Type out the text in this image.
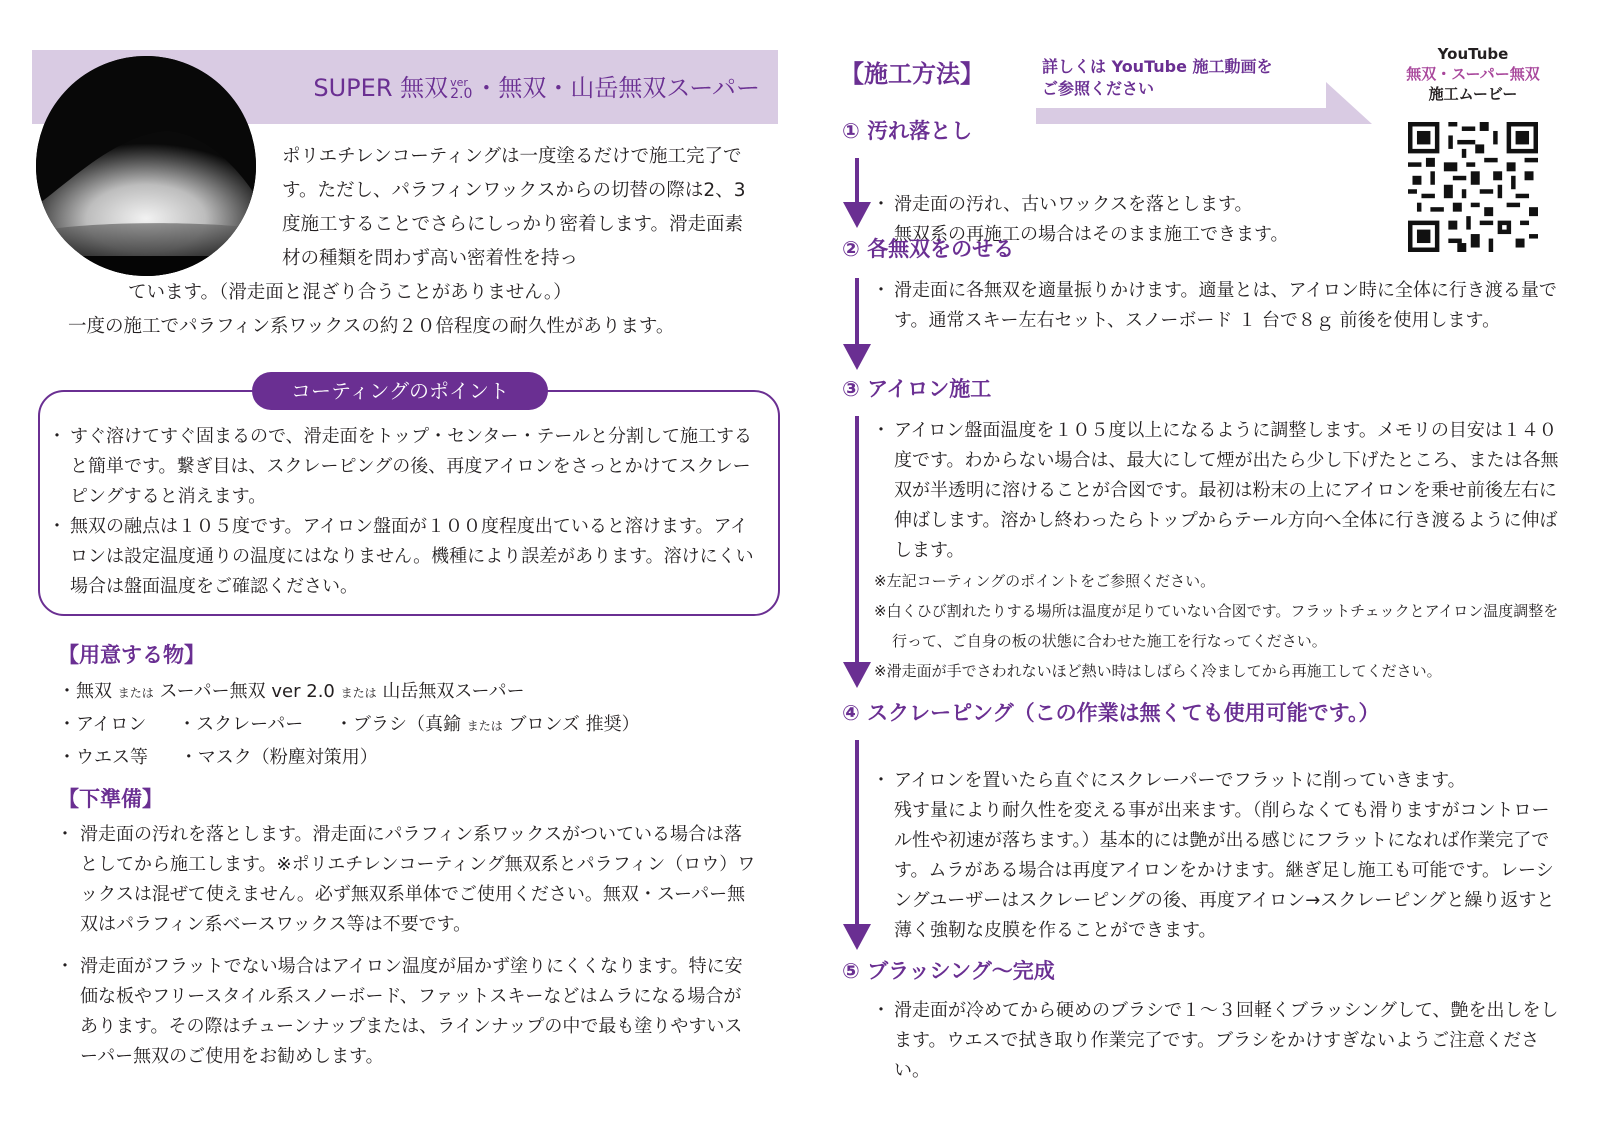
SUPER 無双 ver
2.0 ・無双・山岳無双スーパー
ポリエチレンコーティングは一度塗るだけで施工完了です。ただし、パラフィンワックスからの切替の際は2、3度施工することでさらにしっかり密着します。滑走面素材の種類を問わず高い密着性を持っ
ています。（滑走面と混ざり合うことがありません。）
一度の施工でパラフィン系ワックスの約２０倍程度の耐久性があります。
コーティングのポイント
・ すぐ溶けてすぐ固まるので、滑走面をトップ・センター・テールと分割して施工すると簡単です。繋ぎ目は、スクレーピングの後、再度アイロンをさっとかけてスクレーピングすると消えます。
・ 無双の融点は１０５度です。アイロン盤面が１００度程度出ていると溶けます。アイロンは設定温度通りの温度にはなりません。機種により誤差があります。溶けにくい場合は盤面温度をご確認ください。
【用意する物】
・無双 または スーパー無双 ver 2.0 または 山岳無双スーパー
・アイロン ・スクレーパー ・ブラシ（真鍮 または ブロンズ 推奨）
・ウエス等 ・マスク（粉塵対策用）
【下準備】
・ 滑走面の汚れを落とします。滑走面にパラフィン系ワックスがついている場合は落としてから施工します。※ポリエチレンコーティング無双系とパラフィン（ロウ）ワックスは混ぜて使えません。必ず無双系単体でご使用ください。無双・スーパー無双はパラフィン系ベースワックス等は不要です。
・ 滑走面がフラットでない場合はアイロン温度が届かず塗りにくくなります。特に安価な板やフリースタイル系スノーボード、ファットスキーなどはムラになる場合があります。その際はチューンナップまたは、ラインナップの中で最も塗りやすいスーパー無双のご使用をお勧めします。
【施工方法】	詳しくは YouTube 施工動画を
ご参照ください
YouTube
無双・スーパー無双
施工ムービー
① 汚れ落とし

・ 滑走面の汚れ、古いワックスを落とします。
無双系の再施工の場合はそのまま施工できます。

② 各無双をのせる
・ 滑走面に各無双を適量振りかけます。適量とは、アイロン時に全体に行き渡る量です。通常スキー左右セット、スノーボード １ 台で８ｇ 前後を使用します。
③ アイロン施工
・ アイロン盤面温度を１０５度以上になるように調整します。メモリの目安は１４０度です。わからない場合は、最大にして煙が出たら少し下げたところ、または各無双が半透明に溶けることが合図です。最初は粉末の上にアイロンを乗せ前後左右に伸ばします。溶かし終わったらトップからテール方向へ全体に行き渡るように伸ばします。

※左記コーティングのポイントをご参照ください。

※白くひび割れたりする場所は温度が足りていない合図です。フラットチェックとアイロン温度調整を行って、ご自身の板の状態に合わせた施工を行なってください。

※滑走面が手でさわれないほど熱い時はしばらく冷ましてから再施工してください。

④ スクレーピング（この作業は無くても使用可能です。）

・ アイロンを置いたら直ぐにスクレーパーでフラットに削っていきます。
残す量により耐久性を変える事が出来ます。（削らなくても滑りますがコントロール性や初速が落ちます。）基本的には艶が出る感じにフラットになれば作業完了です。ムラがある場合は再度アイロンをかけます。継ぎ足し施工も可能です。レーシングユーザーはスクレーピングの後、再度アイロン→スクレーピングと繰り返すと薄く強靭な皮膜を作ることができます。

⑤ ブラッシング～完成
・ 滑走面が冷めてから硬めのブラシで１～３回軽くブラッシングして、艶を出しをします。ウエスで拭き取り作業完了です。ブラシをかけすぎないようご注意ください。
